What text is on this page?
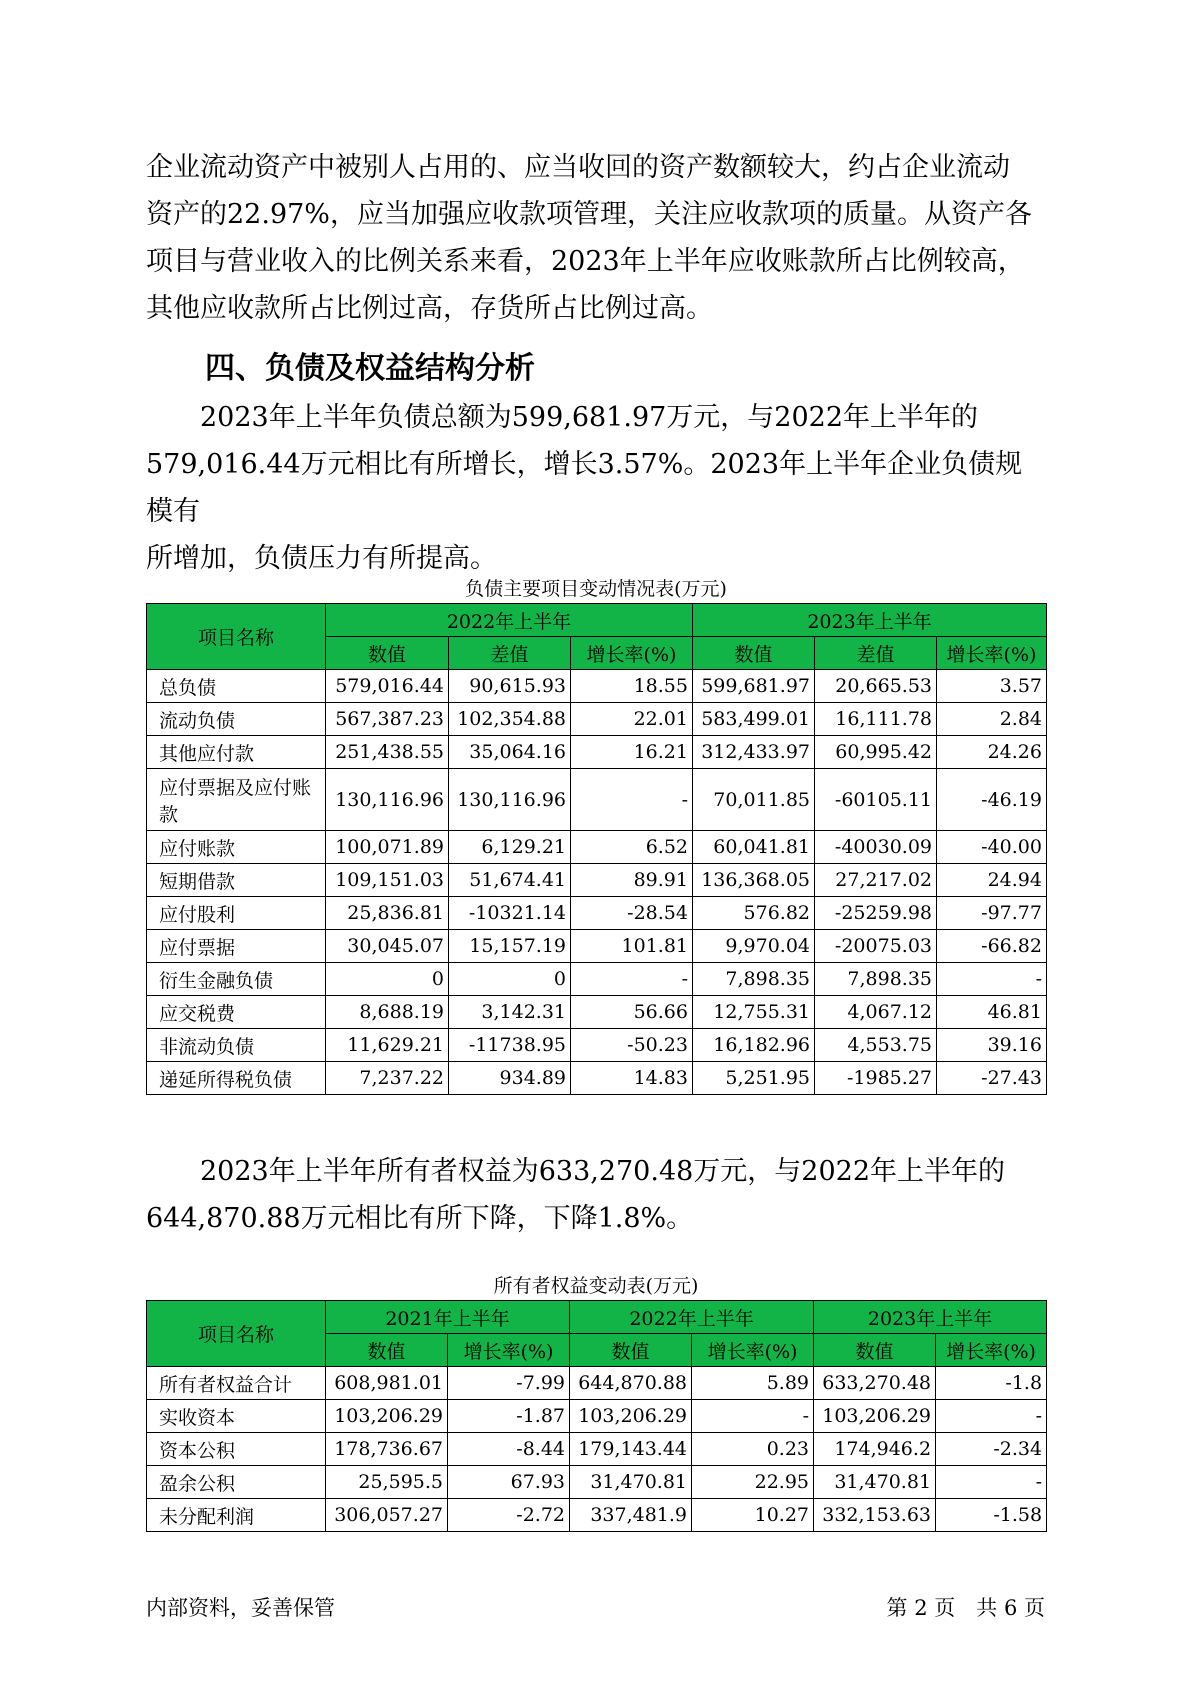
企业流动资产中被别人占用的、应当收回的资产数额较大，约占企业流动
资产的22.97%，应当加强应收款项管理，关注应收款项的质量。从资产各
项目与营业收入的比例关系来看，2023年上半年应收账款所占比例较高，
其他应收款所占比例过高，存货所占比例过高。
四、负债及权益结构分析
　　2023年上半年负债总额为599,681.97万元，与2022年上半年的
579,016.44万元相比有所增长，增长3.57%。2023年上半年企业负债规模有
所增加，负债压力有所提高。
负债主要项目变动情况表(万元)
项目名称	2022年上半年			2023年上半年		
	数值	差值	增长率(%)	数值	差值	增长率(%)
总负债	579,016.44	90,615.93	18.55	599,681.97	20,665.53	3.57
流动负债	567,387.23	102,354.88	22.01	583,499.01	16,111.78	2.84
其他应付款	251,438.55	35,064.16	16.21	312,433.97	60,995.42	24.26
应付票据及应付账款	130,116.96	130,116.96	-	70,011.85	-60105.11	-46.19
应付账款	100,071.89	6,129.21	6.52	60,041.81	-40030.09	-40.00
短期借款	109,151.03	51,674.41	89.91	136,368.05	27,217.02	24.94
应付股利	25,836.81	-10321.14	-28.54	576.82	-25259.98	-97.77
应付票据	30,045.07	15,157.19	101.81	9,970.04	-20075.03	-66.82
衍生金融负债	0	0	-	7,898.35	7,898.35	-
应交税费	8,688.19	3,142.31	56.66	12,755.31	4,067.12	46.81
非流动负债	11,629.21	-11738.95	-50.23	16,182.96	4,553.75	39.16
递延所得税负债	7,237.22	934.89	14.83	5,251.95	-1985.27	-27.43
　　2023年上半年所有者权益为633,270.48万元，与2022年上半年的
644,870.88万元相比有所下降，下降1.8%。
所有者权益变动表(万元)
项目名称	2021年上半年		2022年上半年		2023年上半年	
	数值	增长率(%)	数值	增长率(%)	数值	增长率(%)
所有者权益合计	608,981.01	-7.99	644,870.88	5.89	633,270.48	-1.8
实收资本	103,206.29	-1.87	103,206.29	-	103,206.29	-
资本公积	178,736.67	-8.44	179,143.44	0.23	174,946.2	-2.34
盈余公积	25,595.5	67.93	31,470.81	22.95	31,470.81	-
未分配利润	306,057.27	-2.72	337,481.9	10.27	332,153.63	-1.58
内部资料，妥善保管	第 2 页　共 6 页
